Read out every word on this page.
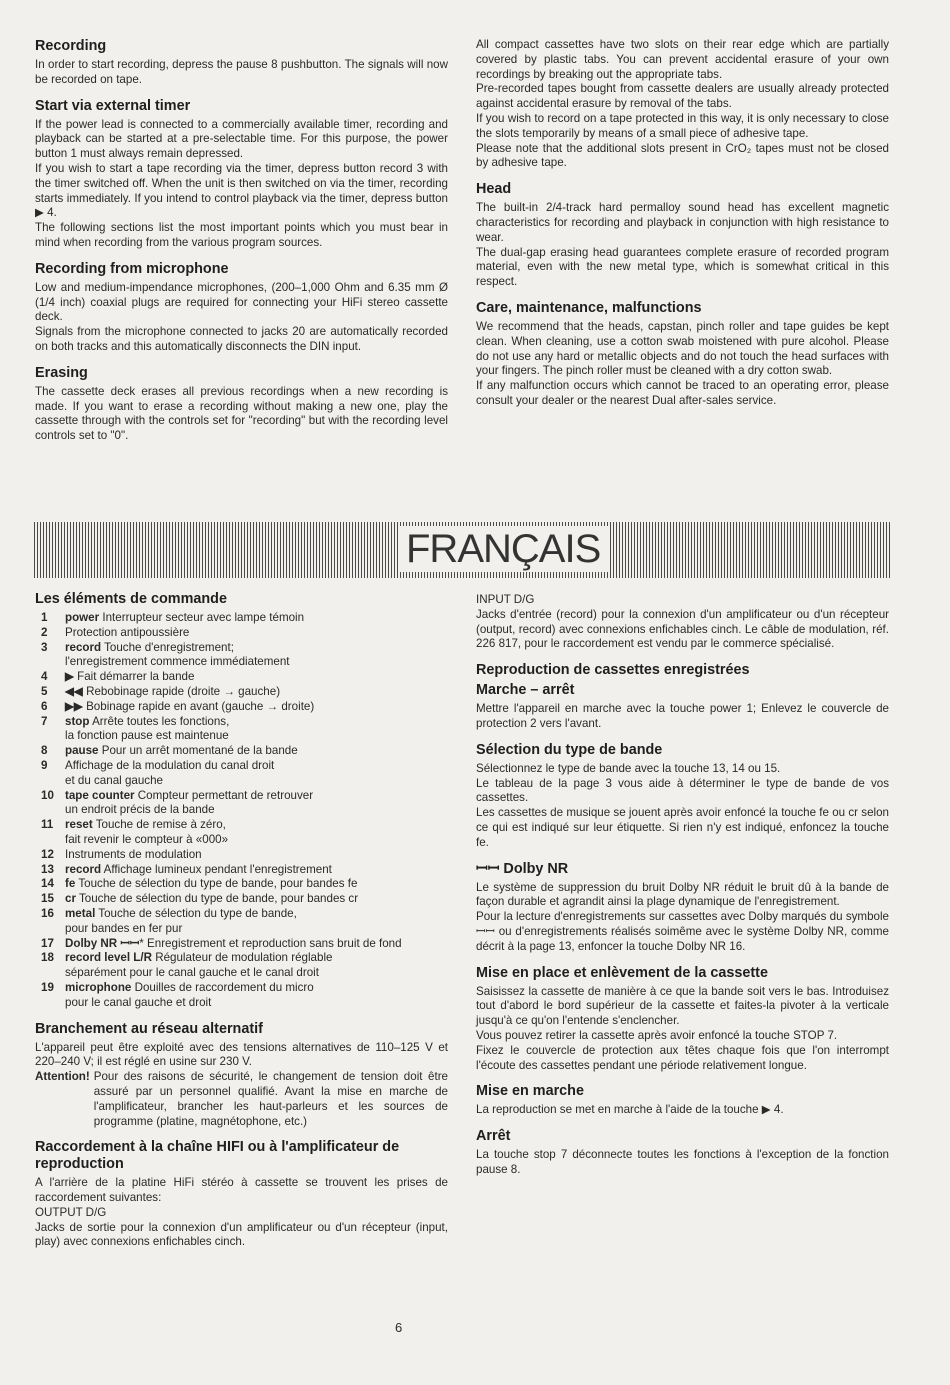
Recording

In order to start recording, depress the pause 8 pushbutton. The signals will now be recorded on tape.

Start via external timer

If the power lead is connected to a commercially available timer, recording and playback can be started at a pre-selectable time. For this purpose, the power button 1 must always remain depressed.

If you wish to start a tape recording via the timer, depress button record 3 with the timer switched off. When the unit is then switched on via the timer, recording starts immediately. If you intend to control playback via the timer, depress button ▶ 4.

The following sections list the most important points which you must bear in mind when recording from the various program sources.

Recording from microphone

Low and medium-impendance microphones, (200–1,000 Ohm and 6.35 mm Ø (1/4 inch) coaxial plugs are required for connecting your HiFi stereo cassette deck.

Signals from the microphone connected to jacks 20 are automatically recorded on both tracks and this automatically disconnects the DIN input.

Erasing

The cassette deck erases all previous recordings when a new recording is made. If you want to erase a recording without making a new one, play the cassette through with the controls set for "recording" but with the recording level controls set to "0".

All compact cassettes have two slots on their rear edge which are partially covered by plastic tabs. You can prevent accidental erasure of your own recordings by breaking out the appropriate tabs.

Pre-recorded tapes bought from cassette dealers are usually already protected against accidental erasure by removal of the tabs.

If you wish to record on a tape protected in this way, it is only necessary to close the slots temporarily by means of a small piece of adhesive tape.

Please note that the additional slots present in CrO₂ tapes must not be closed by adhesive tape.

Head

The built-in 2/4-track hard permalloy sound head has excellent magnetic characteristics for recording and playback in conjunction with high resistance to wear.

The dual-gap erasing head guarantees complete erasure of recorded program material, even with the new metal type, which is somewhat critical in this respect.

Care, maintenance, malfunctions

We recommend that the heads, capstan, pinch roller and tape guides be kept clean. When cleaning, use a cotton swab moistened with pure alcohol. Please do not use any hard or metallic objects and do not touch the head surfaces with your fingers. The pinch roller must be cleaned with a dry cotton swab.

If any malfunction occurs which cannot be traced to an operating error, please consult your dealer or the nearest Dual after-sales service.

FRANÇAIS
Les éléments de commande
1	power Interrupteur secteur avec lampe témoin
2	Protection antipoussière
3	record Touche d'enregistrement;
l'enregistrement commence immédiatement
4	▶ Fait démarrer la bande
5	◀◀ Rebobinage rapide (droite → gauche)
6	▶▶ Bobinage rapide en avant (gauche → droite)
7	stop Arrête toutes les fonctions,
la fonction pause est maintenue
8	pause Pour un arrêt momentané de la bande
9	Affichage de la modulation du canal droit
et du canal gauche
10 tape counter Compteur permettant de retrouver
un endroit précis de la bande
11	reset Touche de remise à zéro,
fait revenir le compteur à «000»
12 Instruments de modulation
13 record Affichage lumineux pendant l'enregistrement
14 fe Touche de sélection du type de bande, pour bandes fe
15 cr Touche de sélection du type de bande, pour bandes cr
16 metal Touche de sélection du type de bande,
pour bandes en fer pur
17 Dolby NR ꟷꟷ* Enregistrement et reproduction sans bruit de fond
18 record level L/R Régulateur de modulation réglable
séparément pour le canal gauche et le canal droit
19 microphone Douilles de raccordement du micro
pour le canal gauche et droit
Branchement au réseau alternatif

L'appareil peut être exploité avec des tensions alternatives de 110–125 V et 220–240 V; il est réglé en usine sur 230 V.

Attention! Pour des raisons de sécurité, le changement de tension doit être assuré par un personnel qualifié. Avant la mise en marche de l'amplificateur, brancher les haut-parleurs et les sources de programme (platine, magnétophone, etc.)
Raccordement à la chaîne HIFI ou à l'amplificateur de reproduction

A l'arrière de la platine HiFi stéréo à cassette se trouvent les prises de raccordement suivantes:

OUTPUT D/G

Jacks de sortie pour la connexion d'un amplificateur ou d'un récepteur (input, play) avec connexions enfichables cinch.

INPUT D/G

Jacks d'entrée (record) pour la connexion d'un amplificateur ou d'un récepteur (output, record) avec connexions enfichables cinch. Le câble de modulation, réf. 226 817, pour le raccordement est vendu par le commerce spécialisé.

Reproduction de cassettes enregistrées
Marche – arrêt

Mettre l'appareil en marche avec la touche power 1; Enlevez le couvercle de protection 2 vers l'avant.

Sélection du type de bande

Sélectionnez le type de bande avec la touche 13, 14 ou 15.

Le tableau de la page 3 vous aide à déterminer le type de bande de vos cassettes.

Les cassettes de musique se jouent après avoir enfoncé la touche fe ou cr selon ce qui est indiqué sur leur étiquette. Si rien n'y est indiqué, enfoncez la touche fe.

ꟷꟷ Dolby NR

Le système de suppression du bruit Dolby NR réduit le bruit dû à la bande de façon durable et agrandit ainsi la plage dynamique de l'enregistrement.

Pour la lecture d'enregistrements sur cassettes avec Dolby marqués du symbole ꟷꟷ ou d'enregistrements réalisés soimême avec le système Dolby NR, comme décrit à la page 13, enfoncer la touche Dolby NR 16.

Mise en place et enlèvement de la cassette

Saisissez la cassette de manière à ce que la bande soit vers le bas. Introduisez tout d'abord le bord supérieur de la cassette et faites-la pivoter à la verticale jusqu'à ce qu'on l'entende s'enclencher.

Vous pouvez retirer la cassette après avoir enfoncé la touche STOP 7.

Fixez le couvercle de protection aux têtes chaque fois que l'on interrompt l'écoute des cassettes pendant une période relativement longue.

Mise en marche

La reproduction se met en marche à l'aide de la touche ▶ 4.

Arrêt

La touche stop 7 déconnecte toutes les fonctions à l'exception de la fonction pause 8.

6
